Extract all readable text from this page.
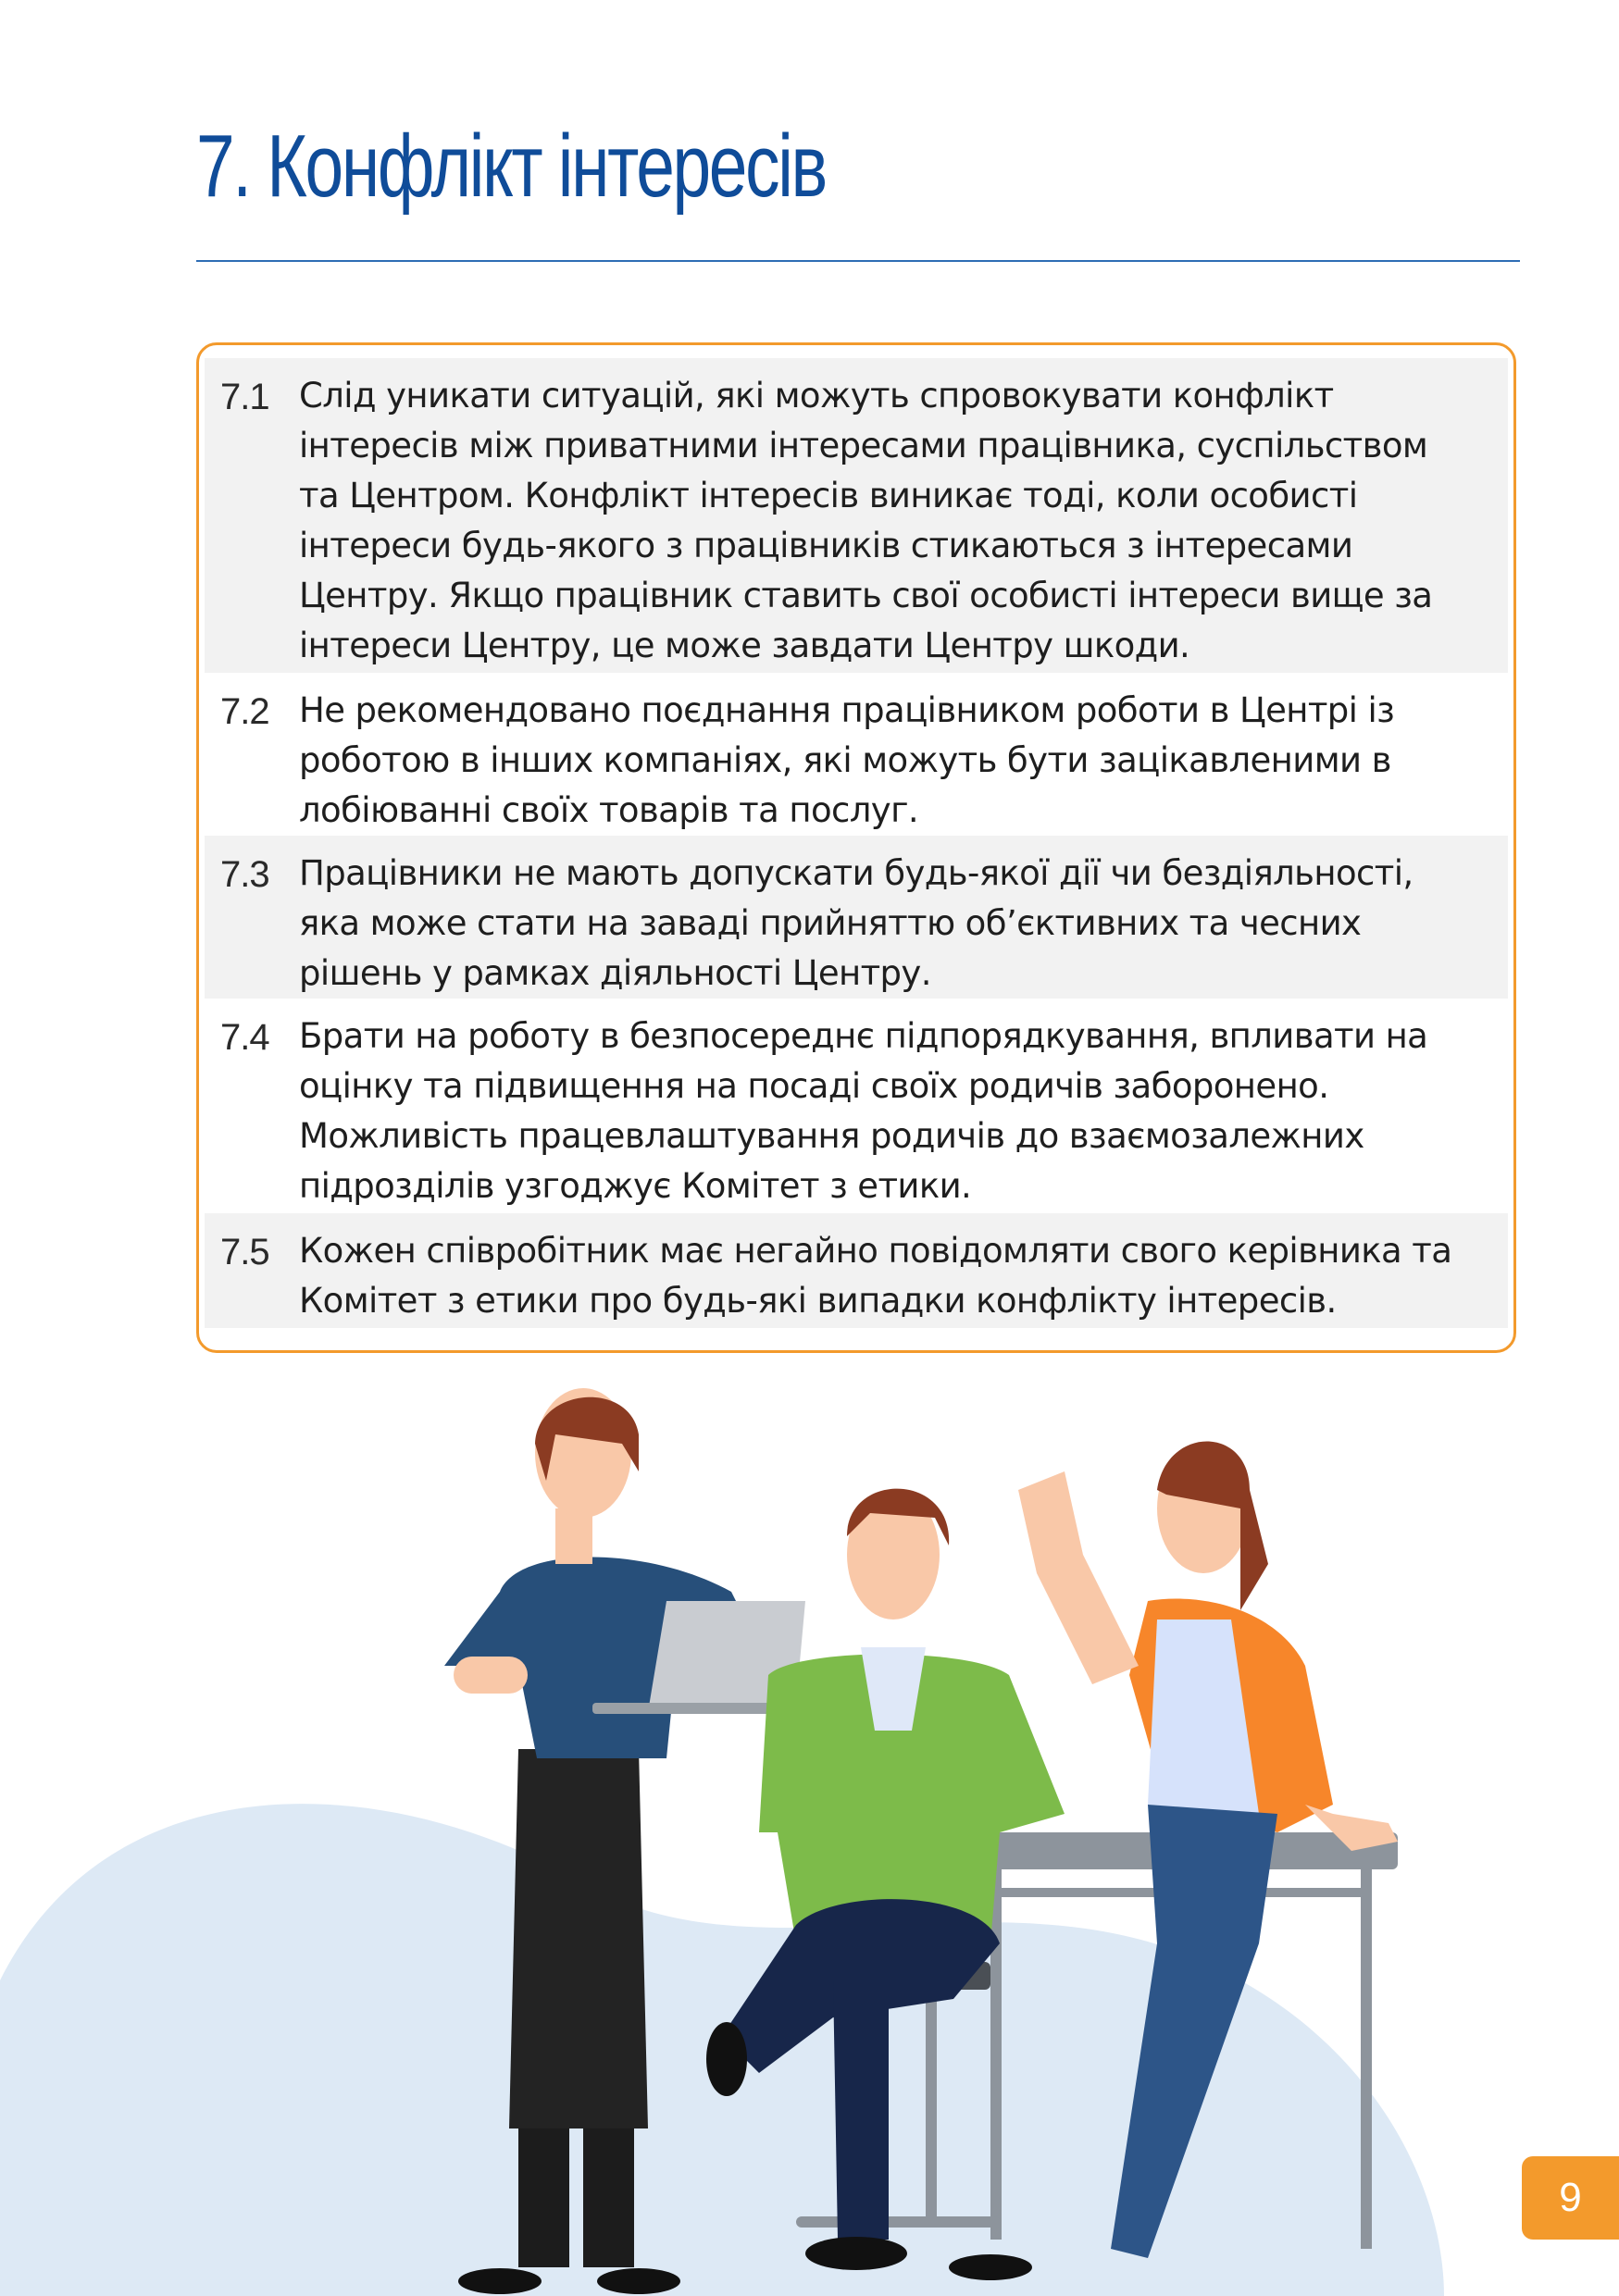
7. Конфлікт інтересів
7.1 Слід уникати ситуацій, які можуть спровокувати конфлікт інтересів між приватними інтересами працівника, суспільством та Центром. Конфлікт інтересів виникає тоді, коли особисті інтереси будь-якого з працівників стикаються з інтересами Центру. Якщо працівник ставить свої особисті інтереси вище за інтереси Центру, це може завдати Центру шкоди.
7.2 Не рекомендовано поєднання працівником роботи в Центрі із роботою в інших компаніях, які можуть бути зацікавленими в лобіюванні своїх товарів та послуг.
7.3 Працівники не мають допускати будь-якої дії чи бездіяльності, яка може стати на заваді прийняттю об’єктивних та чесних рішень у рамках діяльності Центру.
7.4 Брати на роботу в безпосереднє підпорядкування, впливати на оцінку та підвищення на посаді своїх родичів заборонено. Можливість працевлаштування родичів до взаємозалежних підрозділів узгоджує Комітет з етики.
7.5 Кожен співробітник має негайно повідомляти свого керівника та Комітет з етики про будь-які випадки конфлікту інтересів.
9
